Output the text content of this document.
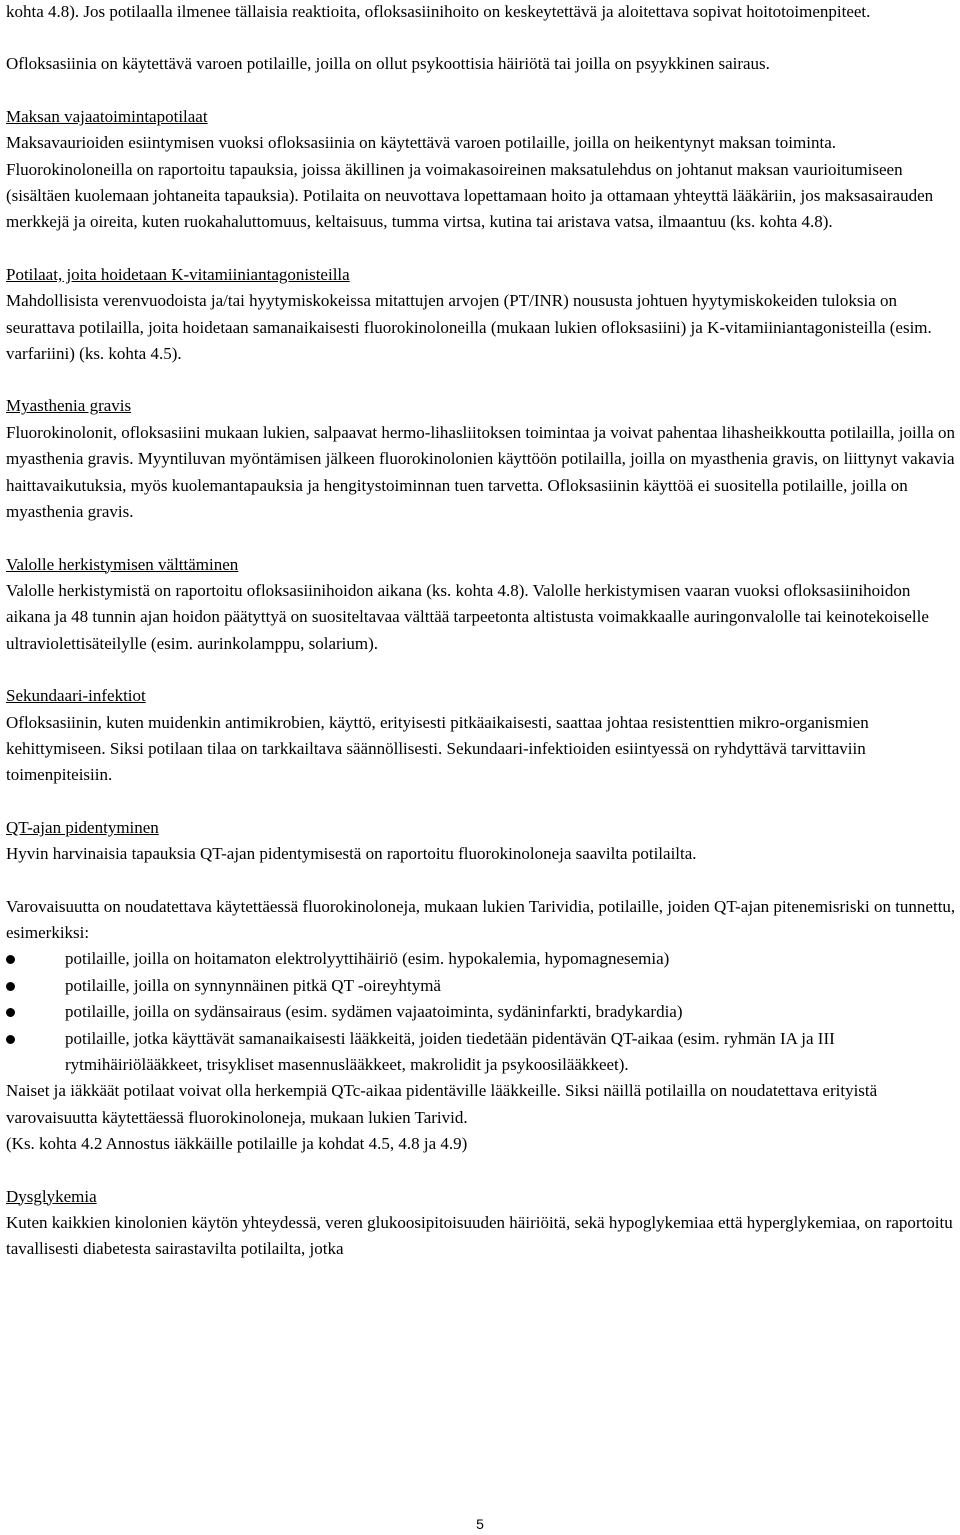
kohta 4.8). Jos potilaalla ilmenee tällaisia reaktioita, ofloksasiinihoito on keskeytettävä ja aloitettava sopivat hoitotoimenpiteet.

Ofloksasiinia on käytettävä varoen potilaille, joilla on ollut psykoottisia häiriötä tai joilla on psyykkinen sairaus.

Maksan vajaatoimintapotilaat

Maksavaurioiden esiintymisen vuoksi ofloksasiinia on käytettävä varoen potilaille, joilla on heikentynyt maksan toiminta. Fluorokinoloneilla on raportoitu tapauksia, joissa äkillinen ja voimakasoireinen maksatulehdus on johtanut maksan vaurioitumiseen (sisältäen kuolemaan johtaneita tapauksia). Potilaita on neuvottava lopettamaan hoito ja ottamaan yhteyttä lääkäriin, jos maksasairauden merkkejä ja oireita, kuten ruokahaluttomuus, keltaisuus, tumma virtsa, kutina tai aristava vatsa, ilmaantuu (ks. kohta 4.8).

Potilaat, joita hoidetaan K-vitamiiniantagonisteilla

Mahdollisista verenvuodoista ja/tai hyytymiskokeissa mitattujen arvojen (PT/INR) noususta johtuen hyytymiskokeiden tuloksia on seurattava potilailla, joita hoidetaan samanaikaisesti fluorokinoloneilla (mukaan lukien ofloksasiini) ja K-vitamiiniantagonisteilla (esim. varfariini) (ks. kohta 4.5).

Myasthenia gravis

Fluorokinolonit, ofloksasiini mukaan lukien, salpaavat hermo-lihasliitoksen toimintaa ja voivat pahentaa lihasheikkoutta potilailla, joilla on myasthenia gravis. Myyntiluvan myöntämisen jälkeen fluorokinolonien käyttöön potilailla, joilla on myasthenia gravis, on liittynyt vakavia haittavaikutuksia, myös kuolemantapauksia ja hengitystoiminnan tuen tarvetta. Ofloksasiinin käyttöä ei suositella potilaille, joilla on myasthenia gravis.

Valolle herkistymisen välttäminen

Valolle herkistymistä on raportoitu ofloksasiinihoidon aikana (ks. kohta 4.8). Valolle herkistymisen vaaran vuoksi ofloksasiinihoidon aikana ja 48 tunnin ajan hoidon päätyttyä on suositeltavaa välttää tarpeetonta altistusta voimakkaalle auringonvalolle tai keinotekoiselle ultraviolettisäteilylle (esim. aurinkolamppu, solarium).

Sekundaari-infektiot

Ofloksasiinin, kuten muidenkin antimikrobien, käyttö, erityisesti pitkäaikaisesti, saattaa johtaa resistenttien mikro-organismien kehittymiseen. Siksi potilaan tilaa on tarkkailtava säännöllisesti. Sekundaari-infektioiden esiintyessä on ryhdyttävä tarvittaviin toimenpiteisiin.

QT-ajan pidentyminen

Hyvin harvinaisia tapauksia QT-ajan pidentymisestä on raportoitu fluorokinoloneja saavilta potilailta.

Varovaisuutta on noudatettava käytettäessä fluorokinoloneja, mukaan lukien Tarividia, potilaille, joiden QT-ajan pitenemisriski on tunnettu, esimerkiksi:

potilaille, joilla on hoitamaton elektrolyyttihäiriö (esim. hypokalemia, hypomagnesemia)
potilaille, joilla on synnynnäinen pitkä QT -oireyhtymä
potilaille, joilla on sydänsairaus (esim. sydämen vajaatoiminta, sydäninfarkti, bradykardia)
potilaille, jotka käyttävät samanaikaisesti lääkkeitä, joiden tiedetään pidentävän QT-aikaa (esim. ryhmän IA ja III rytmihäiriölääkkeet, trisykliset masennuslääkkeet, makrolidit ja psykoosilääkkeet).

Naiset ja iäkkäät potilaat voivat olla herkempiä QTc-aikaa pidentäville lääkkeille. Siksi näillä potilailla on noudatettava erityistä varovaisuutta käytettäessä fluorokinoloneja, mukaan lukien Tarivid.

(Ks. kohta 4.2 Annostus iäkkäille potilaille ja kohdat 4.5, 4.8 ja 4.9)

Dysglykemia

Kuten kaikkien kinolonien käytön yhteydessä, veren glukoosipitoisuuden häiriöitä, sekä hypoglykemiaa että hyperglykemiaa, on raportoitu tavallisesti diabetesta sairastavilta potilailta, jotka

5
